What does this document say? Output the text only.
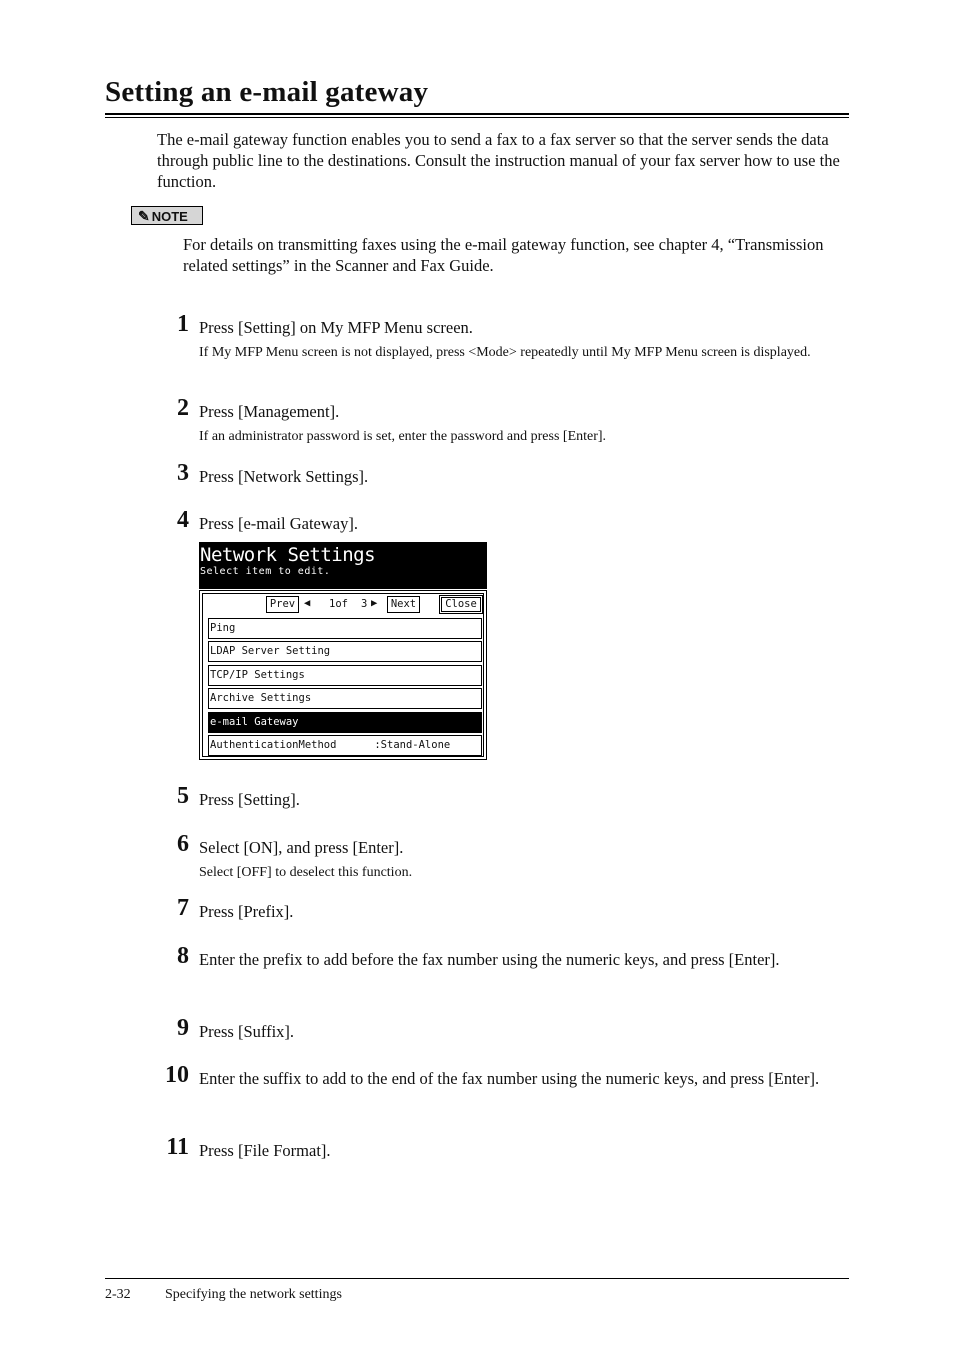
Setting an e-mail gateway
The e-mail gateway function enables you to send a fax to a fax server so that the server sends the data through public line to the destinations. Consult the instruction manual of your fax server how to use the function.
✎ NOTE
For details on transmitting faxes using the e-mail gateway function, see chapter 4, “Transmission related settings” in the Scanner and Fax Guide.
1 Press [Setting] on My MFP Menu screen.
If My MFP Menu screen is not displayed, press <Mode> repeatedly until My MFP Menu screen is displayed.
2 Press [Management].
If an administrator password is set, enter the password and press [Enter].
3 Press [Network Settings].
4 Press [e-mail Gateway].
Network Settings
Select item to edit.
Prev ◀ 1of 3 ▶	Next	Close
Ping
LDAP Server Setting
TCP/IP Settings
Archive Settings
e-mail Gateway
AuthenticationMethod      :Stand-Alone
5 Press [Setting].
6 Select [ON], and press [Enter].
Select [OFF] to deselect this function.
7 Press [Prefix].
8 Enter the prefix to add before the fax number using the numeric keys, and press [Enter].
9 Press [Suffix].
10 Enter the suffix to add to the end of the fax number using the numeric keys, and press [Enter].
11 Press [File Format].
2-32 Specifying the network settings
